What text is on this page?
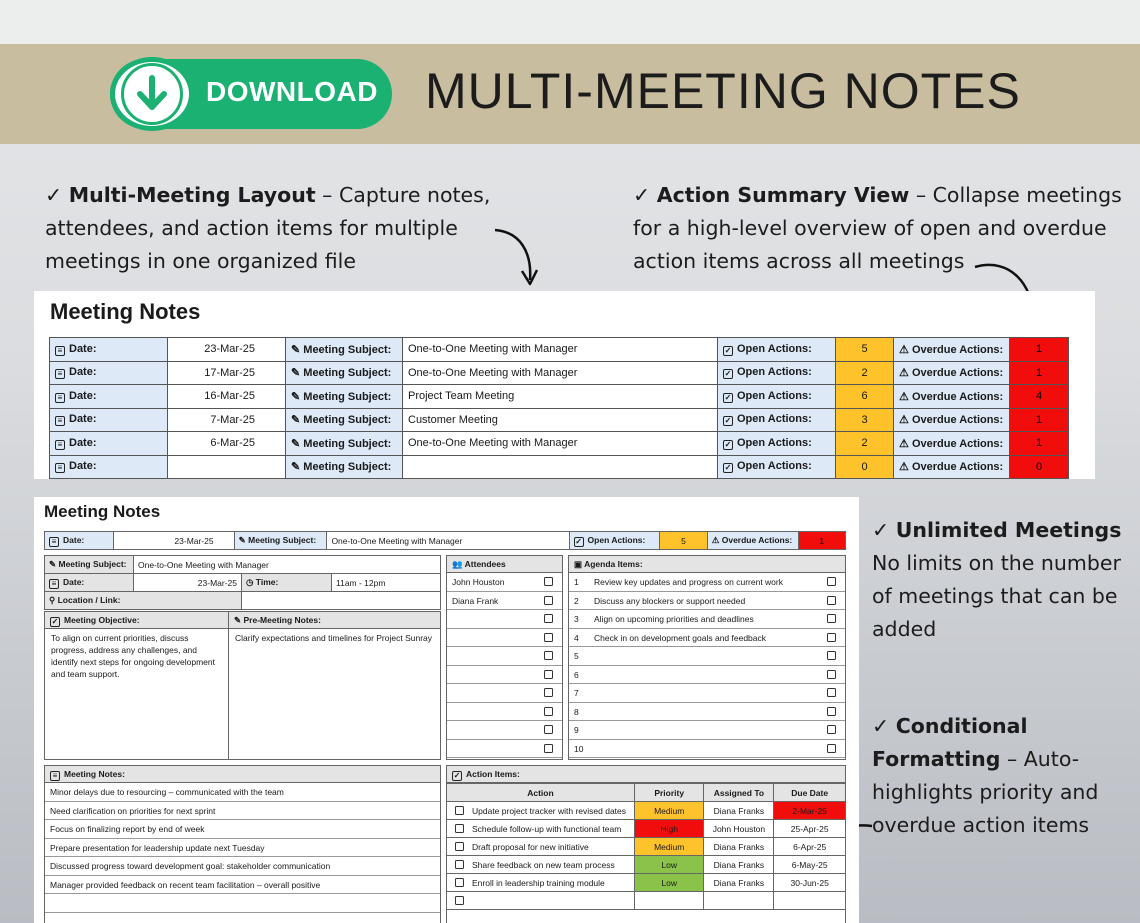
DOWNLOAD MULTI-MEETING NOTES
✓ Multi-Meeting Layout – Capture notes,
attendees, and action items for multiple
meetings in one organized file
✓ Action Summary View – Collapse meetings
for a high-level overview of open and overdue
action items across all meetings
✓ Unlimited Meetings
No limits on the number
of meetings that can be
added
✓ Conditional
Formatting – Auto-
highlights priority and
overdue action items
Meeting Notes
≡ Date:	23-Mar-25	✎ Meeting Subject:	One-to-One Meeting with Manager	✓ Open Actions:	5	⚠ Overdue Actions:	1
≡ Date:	17-Mar-25	✎ Meeting Subject:	One-to-One Meeting with Manager	✓ Open Actions:	2	⚠ Overdue Actions:	1
≡ Date:	16-Mar-25	✎ Meeting Subject:	Project Team Meeting	✓ Open Actions:	6	⚠ Overdue Actions:	4
≡ Date:	7-Mar-25	✎ Meeting Subject:	Customer Meeting	✓ Open Actions:	3	⚠ Overdue Actions:	1
≡ Date:	6-Mar-25	✎ Meeting Subject:	One-to-One Meeting with Manager	✓ Open Actions:	2	⚠ Overdue Actions:	1
≡ Date:		✎ Meeting Subject:		✓ Open Actions:	0	⚠ Overdue Actions:	0
Meeting Notes
≡ Date:	23-Mar-25	✎ Meeting Subject:	One-to-One Meeting with Manager	✓ Open Actions:	5	⚠ Overdue Actions:	1
✎ Meeting Subject:	One-to-One Meeting with Manager		
≡ Date:	23-Mar-25	◷ Time:	11am - 12pm
⚲ Location / Link:			
✓ Meeting Objective:
To align on current priorities, discuss progress, address any challenges, and identify next steps for ongoing development and team support.
✎ Pre-Meeting Notes:
Clarify expectations and timelines for Project Sunray
👥 Attendees
John Houston
Diana Frank
▣ Agenda Items:
1 Review key updates and progress on current work
2 Discuss any blockers or support needed
3 Align on upcoming priorities and deadlines
4 Check in on development goals and feedback
5
6
7
8
9
10
≡ Meeting Notes:
Minor delays due to resourcing – communicated with the team
Need clarification on priorities for next sprint
Focus on finalizing report by end of week
Prepare presentation for leadership update next Tuesday
Discussed progress toward development goal: stakeholder communication
Manager provided feedback on recent team facilitation – overall positive
✓ Action Items:
Action	Priority	Assigned To	Due Date
Update project tracker with revised dates	Medium	Diana Franks	2-Mar-25
Schedule follow-up with functional team	High	John Houston	25-Apr-25
Draft proposal for new initiative	Medium	Diana Franks	6-Apr-25
Share feedback on new team process	Low	Diana Franks	6-May-25
Enroll in leadership training module	Low	Diana Franks	30-Jun-25
